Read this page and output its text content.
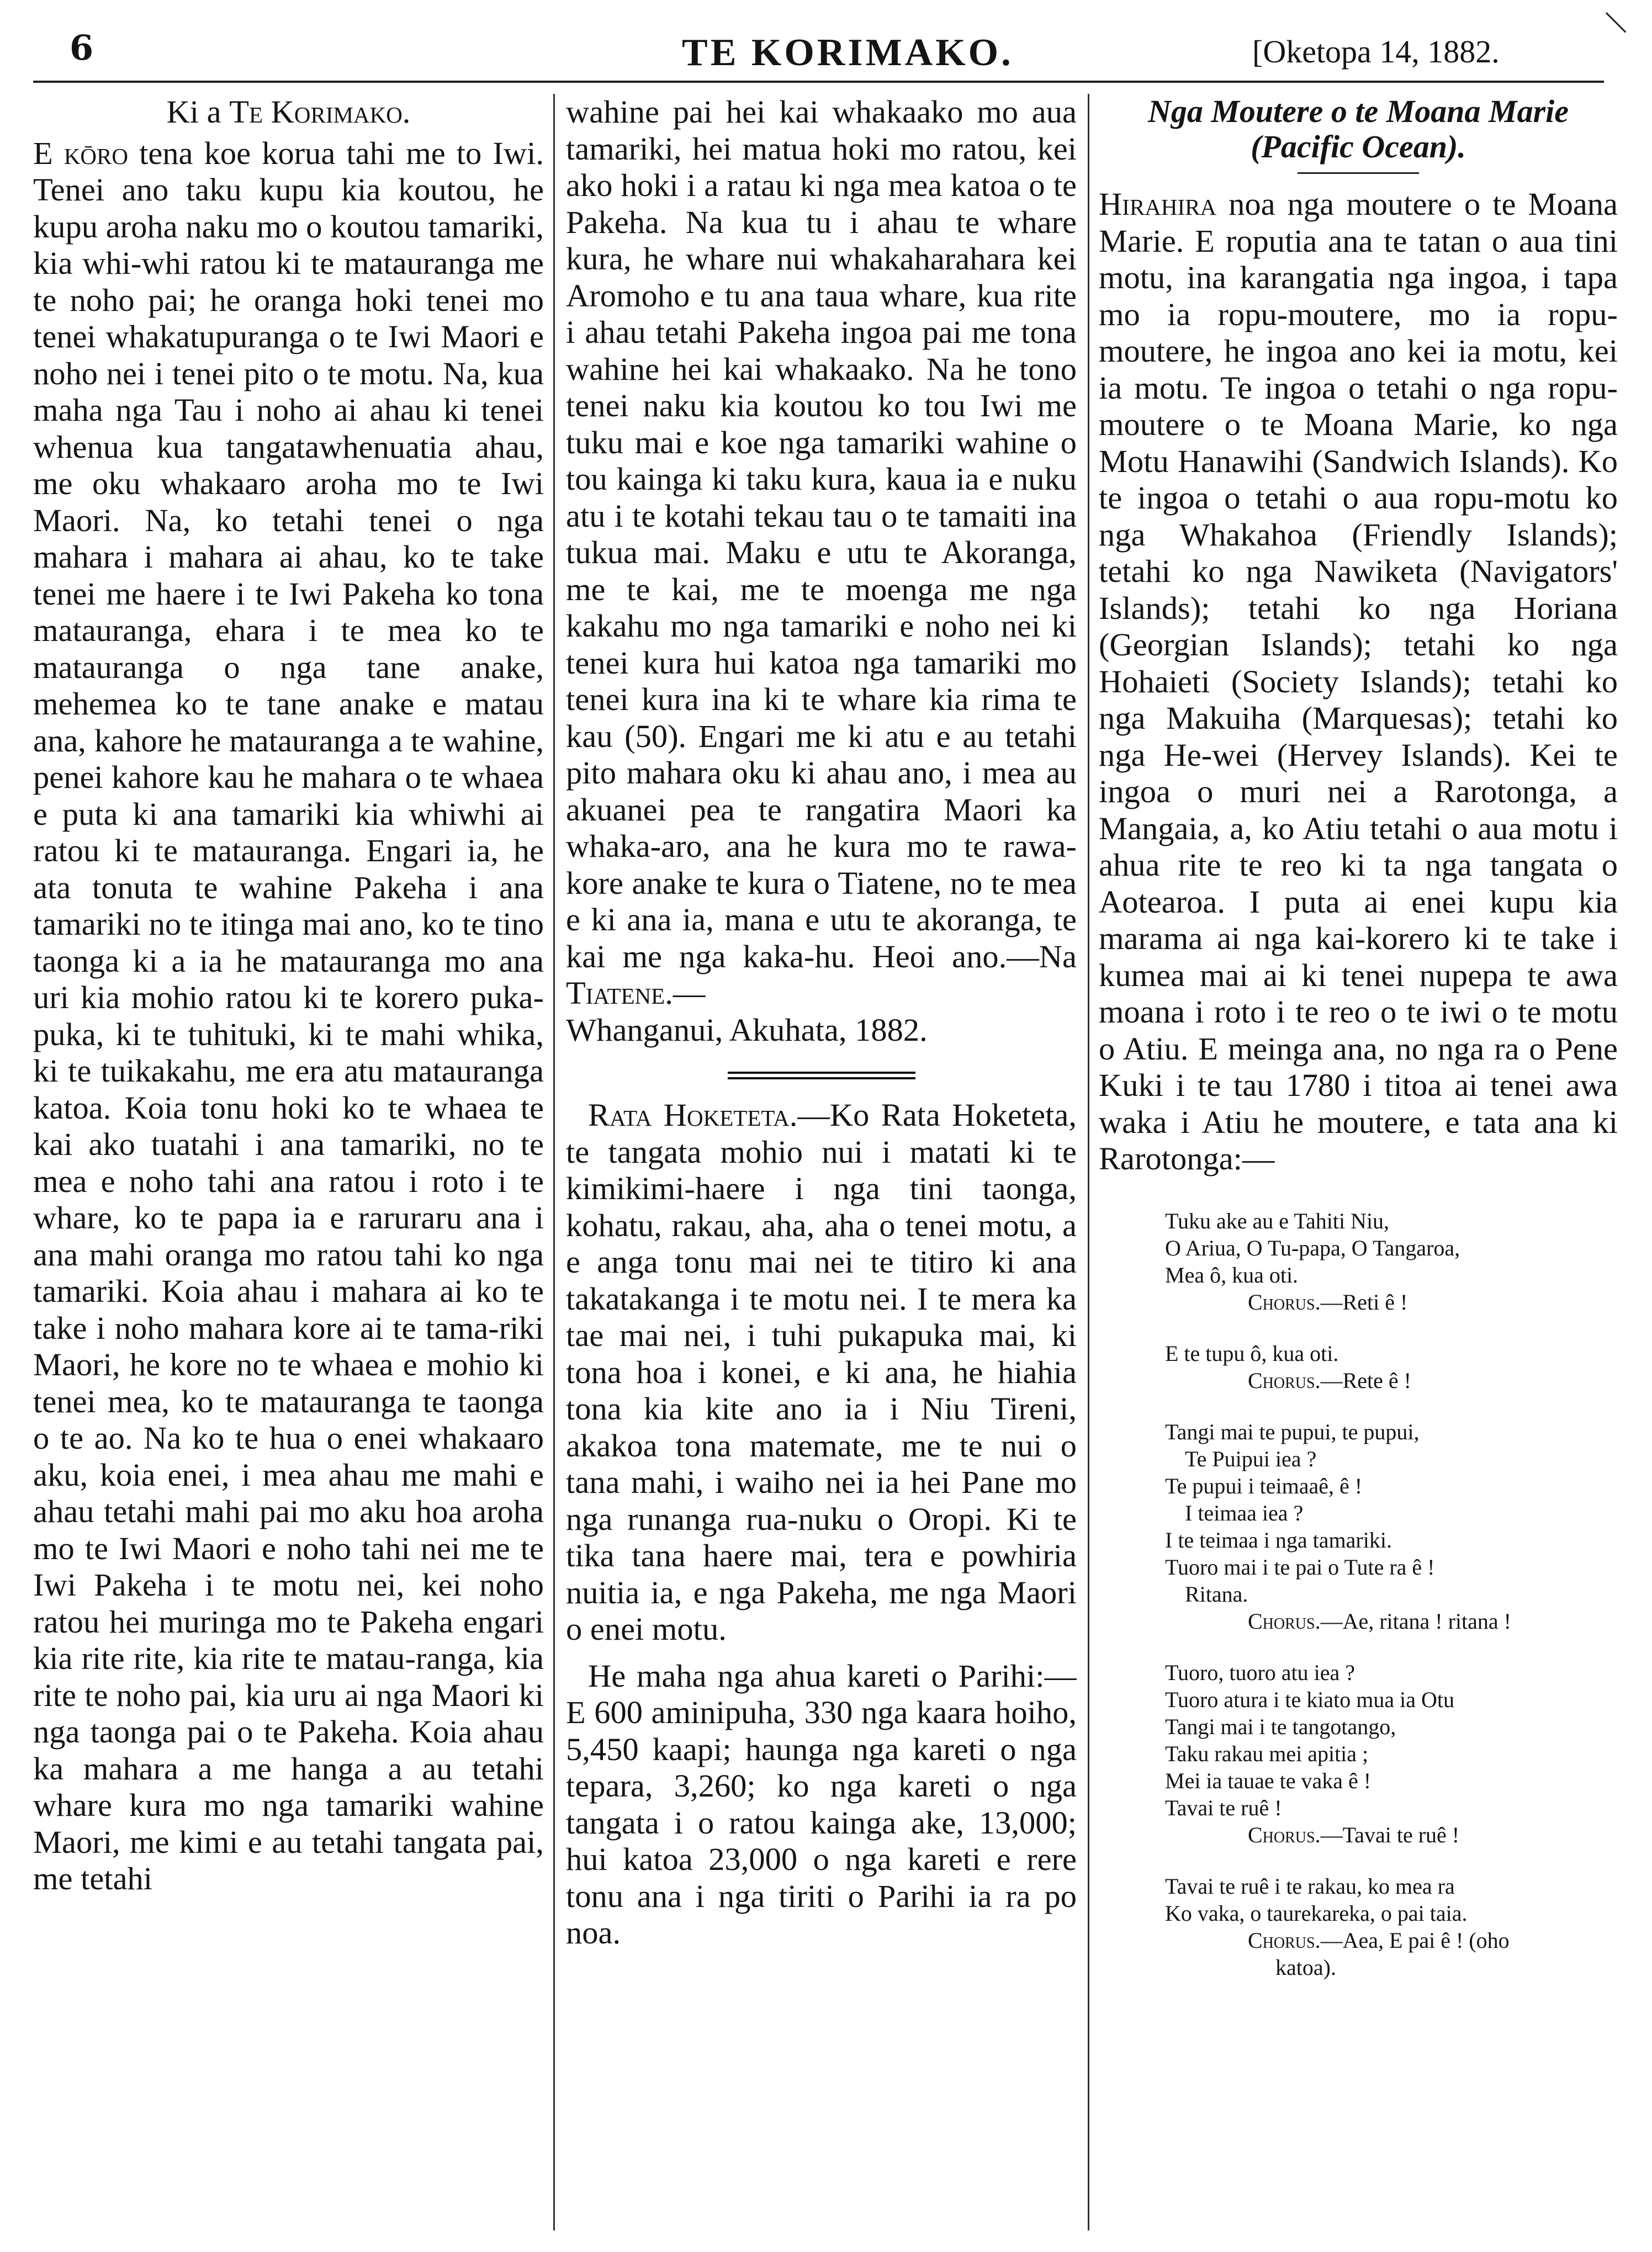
6	TE KORIMAKO.	[Oketopa 14, 1882.

Ki a Te Korimako.

E kōro tena koe korua tahi me to Iwi. Tenei ano taku kupu kia koutou, he kupu aroha naku mo o koutou tamariki, kia whi-whi ratou ki te matauranga me te noho pai; he oranga hoki tenei mo tenei whakatupuranga o te Iwi Maori e noho nei i tenei pito o te motu. Na, kua maha nga Tau i noho ai ahau ki tenei whenua kua tangatawhenuatia ahau, me oku whakaaro aroha mo te Iwi Maori. Na, ko tetahi tenei o nga mahara i mahara ai ahau, ko te take tenei me haere i te Iwi Pakeha ko tona matauranga, ehara i te mea ko te matauranga o nga tane anake, mehemea ko te tane anake e matau ana, kahore he matauranga a te wahine, penei kahore kau he mahara o te whaea e puta ki ana tamariki kia whiwhi ai ratou ki te matauranga. Engari ia, he ata tonuta te wahine Pakeha i ana tamariki no te itinga mai ano, ko te tino taonga ki a ia he matauranga mo ana uri kia mohio ratou ki te korero puka-puka, ki te tuhituki, ki te mahi whika, ki te tuikakahu, me era atu matauranga katoa. Koia tonu hoki ko te whaea te kai ako tuatahi i ana tamariki, no te mea e noho tahi ana ratou i roto i te whare, ko te papa ia e raruraru ana i ana mahi oranga mo ratou tahi ko nga tamariki. Koia ahau i mahara ai ko te take i noho mahara kore ai te tama-riki Maori, he kore no te whaea e mohio ki tenei mea, ko te matauranga te taonga o te ao. Na ko te hua o enei whakaaro aku, koia enei, i mea ahau me mahi e ahau tetahi mahi pai mo aku hoa aroha mo te Iwi Maori e noho tahi nei me te Iwi Pakeha i te motu nei, kei noho ratou hei muringa mo te Pakeha engari kia rite rite, kia rite te matau-ranga, kia rite te noho pai, kia uru ai nga Maori ki nga taonga pai o te Pakeha. Koia ahau ka mahara a me hanga a au tetahi whare kura mo nga tamariki wahine Maori, me kimi e au tetahi tangata pai, me tetahi

wahine pai hei kai whakaako mo aua tamariki, hei matua hoki mo ratou, kei ako hoki i a ratau ki nga mea katoa o te Pakeha. Na kua tu i ahau te whare kura, he whare nui whakaharahara kei Aromoho e tu ana taua whare, kua rite i ahau tetahi Pakeha ingoa pai me tona wahine hei kai whakaako. Na he tono tenei naku kia koutou ko tou Iwi me tuku mai e koe nga tamariki wahine o tou kainga ki taku kura, kaua ia e nuku atu i te kotahi tekau tau o te tamaiti ina tukua mai. Maku e utu te Akoranga, me te kai, me te moenga me nga kakahu mo nga tamariki e noho nei ki tenei kura hui katoa nga tamariki mo tenei kura ina ki te whare kia rima te kau (50). Engari me ki atu e au tetahi pito mahara oku ki ahau ano, i mea au akuanei pea te rangatira Maori ka whaka-aro, ana he kura mo te rawa-kore anake te kura o Tiatene, no te mea e ki ana ia, mana e utu te akoranga, te kai me nga kaka-hu. Heoi ano.—Na Tiatene.—

Whanganui, Akuhata, 1882.

Rata Hoketeta.—Ko Rata Hoketeta, te tangata mohio nui i matati ki te kimikimi-haere i nga tini taonga, kohatu, rakau, aha, aha o tenei motu, a e anga tonu mai nei te titiro ki ana takatakanga i te motu nei. I te mera ka tae mai nei, i tuhi pukapuka mai, ki tona hoa i konei, e ki ana, he hiahia tona kia kite ano ia i Niu Tireni, akakoa tona matemate, me te nui o tana mahi, i waiho nei ia hei Pane mo nga runanga rua-nuku o Oropi. Ki te tika tana haere mai, tera e powhiria nuitia ia, e nga Pakeha, me nga Maori o enei motu.

He maha nga ahua kareti o Parihi:—E 600 aminipuha, 330 nga kaara hoiho, 5,450 kaapi; haunga nga kareti o nga tepara, 3,260; ko nga kareti o nga tangata i o ratou kainga ake, 13,000; hui katoa 23,000 o nga kareti e rere tonu ana i nga tiriti o Parihi ia ra po noa.

Nga Moutere o te Moana Marie

(Pacific Ocean).

Hirahira noa nga moutere o te Moana Marie. E roputia ana te tatan o aua tini motu, ina karangatia nga ingoa, i tapa mo ia ropu-moutere, mo ia ropu-moutere, he ingoa ano kei ia motu, kei ia motu. Te ingoa o tetahi o nga ropu-moutere o te Moana Marie, ko nga Motu Hanawihi (Sandwich Islands). Ko te ingoa o tetahi o aua ropu-motu ko nga Whakahoa (Friendly Islands); tetahi ko nga Nawiketa (Navigators' Islands); tetahi ko nga Horiana (Georgian Islands); tetahi ko nga Hohaieti (Society Islands); tetahi ko nga Makuiha (Marquesas); tetahi ko nga He-wei (Hervey Islands). Kei te ingoa o muri nei a Rarotonga, a Mangaia, a, ko Atiu tetahi o aua motu i ahua rite te reo ki ta nga tangata o Aotearoa. I puta ai enei kupu kia marama ai nga kai-korero ki te take i kumea mai ai ki tenei nupepa te awa moana i roto i te reo o te iwi o te motu o Atiu. E meinga ana, no nga ra o Pene Kuki i te tau 1780 i titoa ai tenei awa waka i Atiu he moutere, e tata ana ki Rarotonga:—

Tuku ake au e Tahiti Niu,
O Ariua, O Tu-papa, O Tangaroa,
Mea ô, kua oti.
Chorus.—Reti ê !
E te tupu ô, kua oti.
Chorus.—Rete ê !
Tangi mai te pupui, te pupui,
Te Puipui iea ?
Te pupui i teimaaê, ê !
I teimaa iea ?
I te teimaa i nga tamariki.
Tuoro mai i te pai o Tute ra ê !
Ritana.
Chorus.—Ae, ritana ! ritana !
Tuoro, tuoro atu iea ?
Tuoro atura i te kiato mua ia Otu
Tangi mai i te tangotango,
Taku rakau mei apitia ;
Mei ia tauae te vaka ê !
Tavai te ruê !
Chorus.—Tavai te ruê !
Tavai te ruê i te rakau, ko mea ra
Ko vaka, o taurekareka, o pai taia.
Chorus.—Aea, E pai ê ! (oho
katoa).
